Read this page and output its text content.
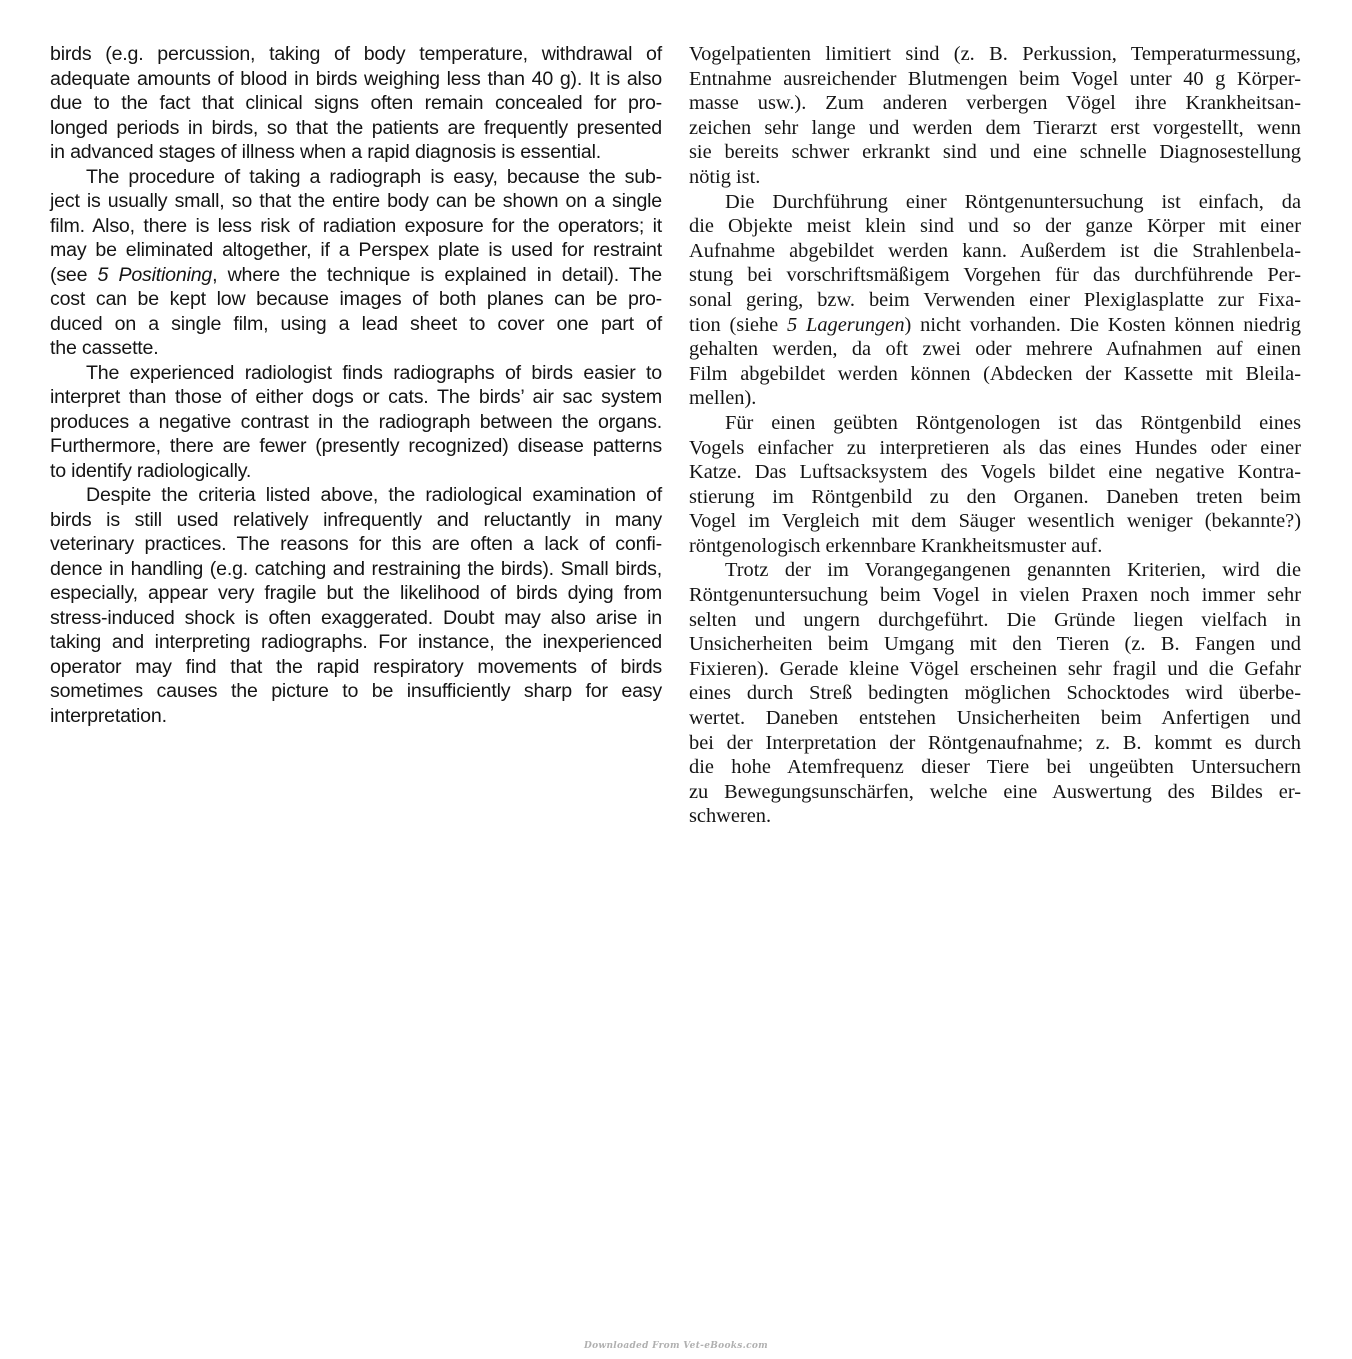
birds (e.g. percussion, taking of body temperature, withdrawal of
adequate amounts of blood in birds weighing less than 40 g). It is also
due to the fact that clinical signs often remain concealed for pro-
longed periods in birds, so that the patients are frequently presented
in advanced stages of illness when a rapid diagnosis is essential.
The procedure of taking a radiograph is easy, because the sub-
ject is usually small, so that the entire body can be shown on a single
film. Also, there is less risk of radiation exposure for the operators; it
may be eliminated altogether, if a Perspex plate is used for restraint
(see 5 Positioning, where the technique is explained in detail). The
cost can be kept low because images of both planes can be pro-
duced on a single film, using a lead sheet to cover one part of
the cassette.
The experienced radiologist finds radiographs of birds easier to
interpret than those of either dogs or cats. The birds’ air sac system
produces a negative contrast in the radiograph between the organs.
Furthermore, there are fewer (presently recognized) disease patterns
to identify radiologically.
Despite the criteria listed above, the radiological examination of
birds is still used relatively infrequently and reluctantly in many
veterinary practices. The reasons for this are often a lack of confi-
dence in handling (e.g. catching and restraining the birds). Small birds,
especially, appear very fragile but the likelihood of birds dying from
stress-induced shock is often exaggerated. Doubt may also arise in
taking and interpreting radiographs. For instance, the inexperienced
operator may find that the rapid respiratory movements of birds
sometimes causes the picture to be insufficiently sharp for easy
interpretation.
Vogelpatienten limitiert sind (z. B. Perkussion, Temperaturmessung,
Entnahme ausreichender Blutmengen beim Vogel unter 40 g Körper-
masse usw.). Zum anderen verbergen Vögel ihre Krankheitsan-
zeichen sehr lange und werden dem Tierarzt erst vorgestellt, wenn
sie bereits schwer erkrankt sind und eine schnelle Diagnosestellung
nötig ist.
Die Durchführung einer Röntgenuntersuchung ist einfach, da
die Objekte meist klein sind und so der ganze Körper mit einer
Aufnahme abgebildet werden kann. Außerdem ist die Strahlenbela-
stung bei vorschriftsmäßigem Vorgehen für das durchführende Per-
sonal gering, bzw. beim Verwenden einer Plexiglasplatte zur Fixa-
tion (siehe 5 Lagerungen) nicht vorhanden. Die Kosten können niedrig
gehalten werden, da oft zwei oder mehrere Aufnahmen auf einen
Film abgebildet werden können (Abdecken der Kassette mit Bleila-
mellen).
Für einen geübten Röntgenologen ist das Röntgenbild eines
Vogels einfacher zu interpretieren als das eines Hundes oder einer
Katze. Das Luftsacksystem des Vogels bildet eine negative Kontra-
stierung im Röntgenbild zu den Organen. Daneben treten beim
Vogel im Vergleich mit dem Säuger wesentlich weniger (bekannte?)
röntgenologisch erkennbare Krankheitsmuster auf.
Trotz der im Vorangegangenen genannten Kriterien, wird die
Röntgenuntersuchung beim Vogel in vielen Praxen noch immer sehr
selten und ungern durchgeführt. Die Gründe liegen vielfach in
Unsicherheiten beim Umgang mit den Tieren (z. B. Fangen und
Fixieren). Gerade kleine Vögel erscheinen sehr fragil und die Gefahr
eines durch Streß bedingten möglichen Schocktodes wird überbe-
wertet. Daneben entstehen Unsicherheiten beim Anfertigen und
bei der Interpretation der Röntgenaufnahme; z. B. kommt es durch
die hohe Atemfrequenz dieser Tiere bei ungeübten Untersuchern
zu Bewegungsunschärfen, welche eine Auswertung des Bildes er-
schweren.
Downloaded From Vet-eBooks.com
